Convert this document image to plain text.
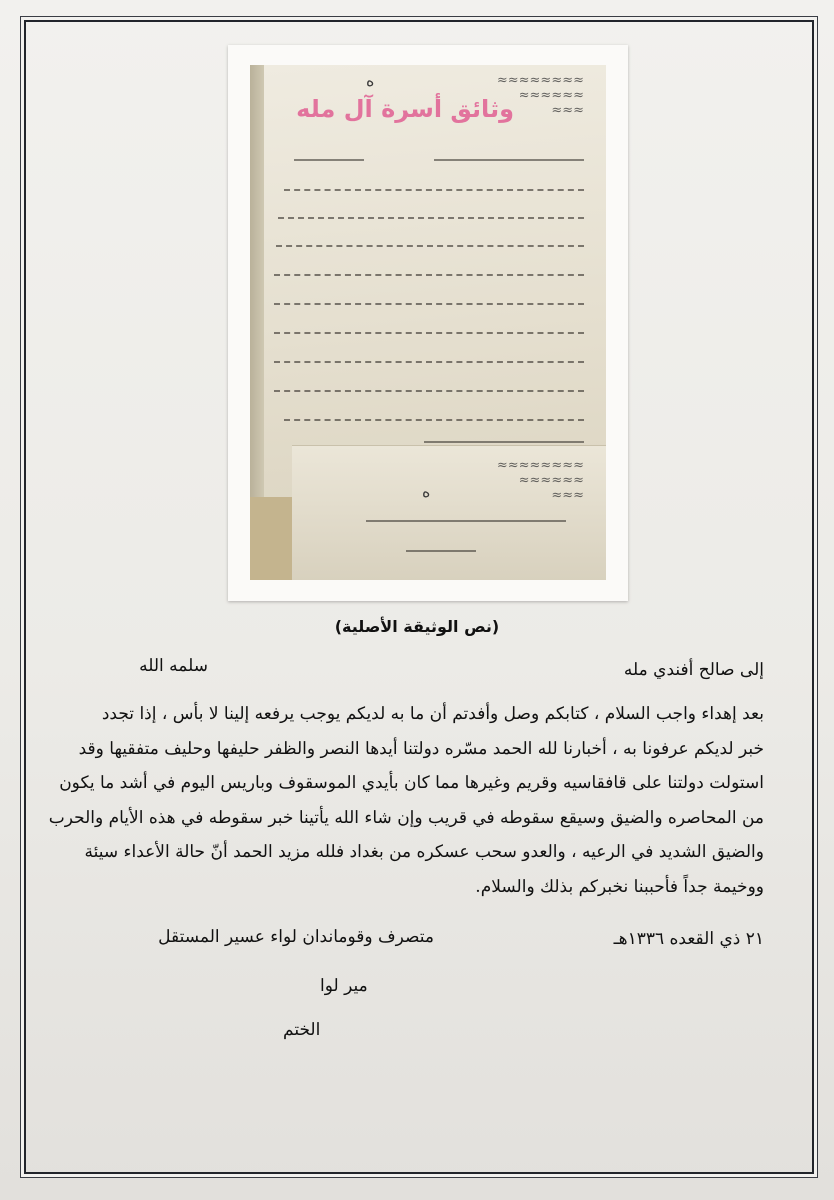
≈≈≈≈≈≈≈≈
≈≈≈≈≈≈
≈≈≈
ه
وثائق أسرة آل مله
≈≈≈≈≈≈≈≈
≈≈≈≈≈≈
≈≈≈
ه
(نص الوثيقة الأصلية)
إلى صالح أفندي مله
سلمه الله
بعد إهداء واجب السلام ، كتابكم وصل وأفدتم أن ما به لديكم يوجب يرفعه إلينا لا بأس ، إذا تجدد
خبر لديكم عرفونا به ، أخبارنا لله الحمد مسّره دولتنا أيدها النصر والظفر حليفها وحليف متفقيها وقد
استولت دولتنا على قافقاسيه وقريم وغيرها مما كان بأيدي الموسقوف وباريس اليوم في أشد ما يكون
من المحاصره والضيق وسيقع سقوطه في قريب وإن شاء الله يأتينا خبر سقوطه في هذه الأيام والحرب
والضيق الشديد في الرعيه ، والعدو سحب عسكره من بغداد فلله مزيد الحمد أنّ حالة الأعداء سيئة
ووخيمة جداً فأحببنا نخبركم بذلك والسلام.
٢١ ذي القعده ١٣٣٦هـ
متصرف وقوماندان لواء عسير المستقل
مير لوا
الختم
